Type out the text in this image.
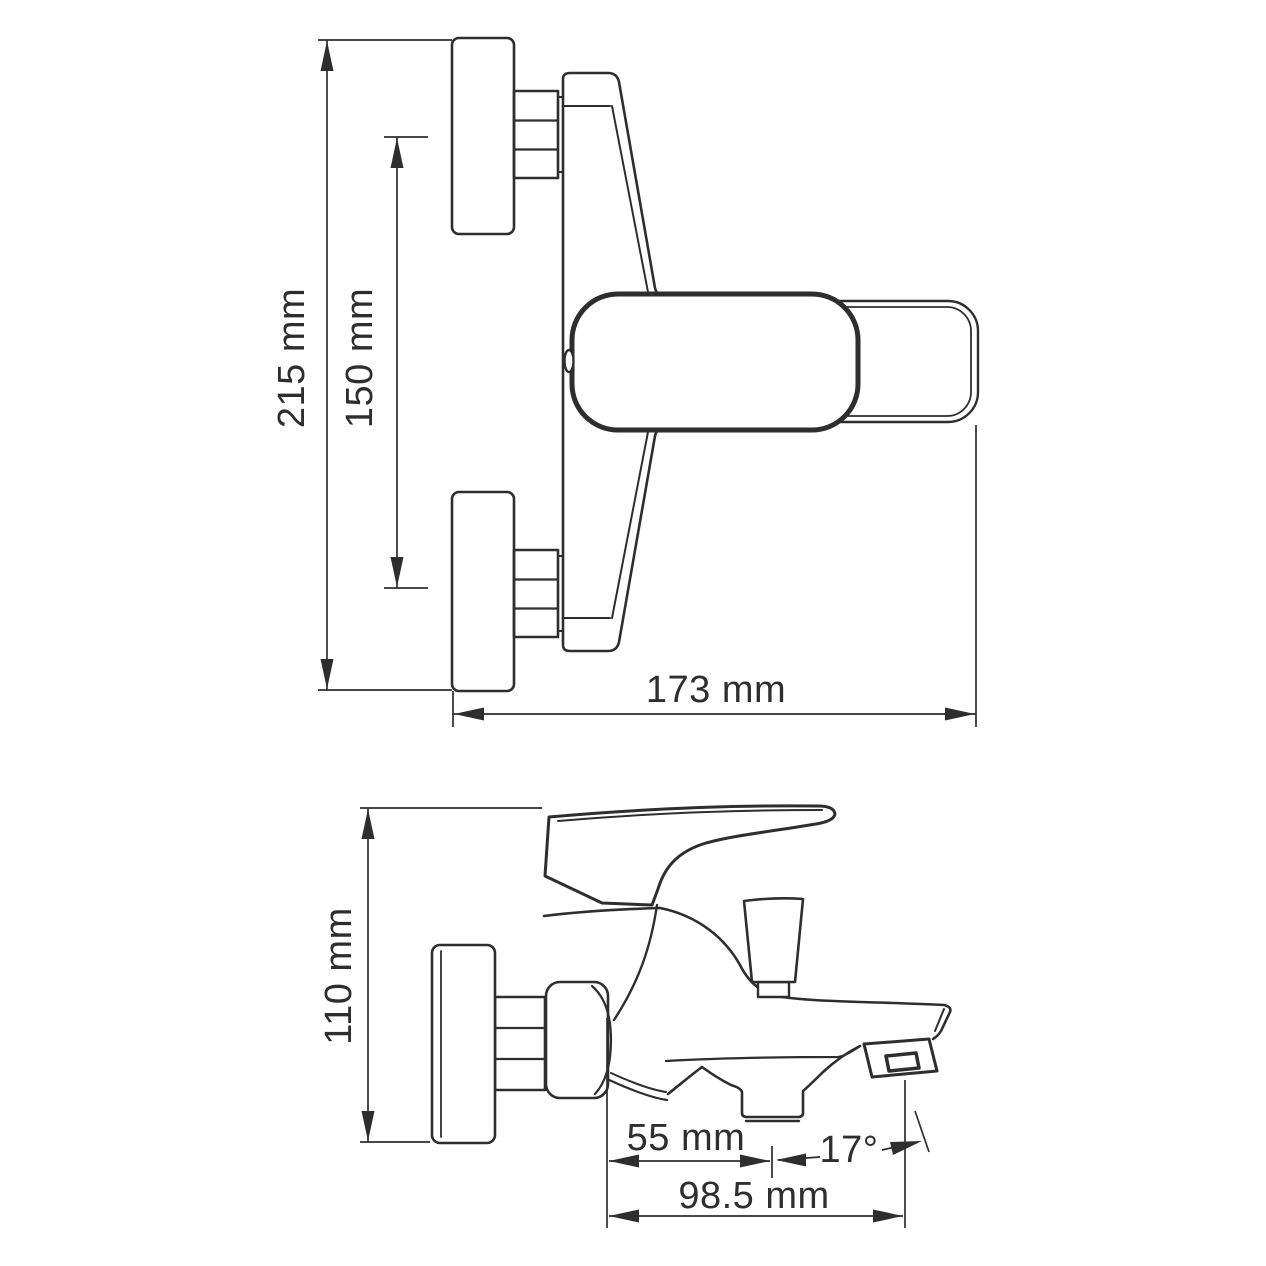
215 mm 150 mm
173 mm
110 mm
55 mm 17°
98.5 mm
